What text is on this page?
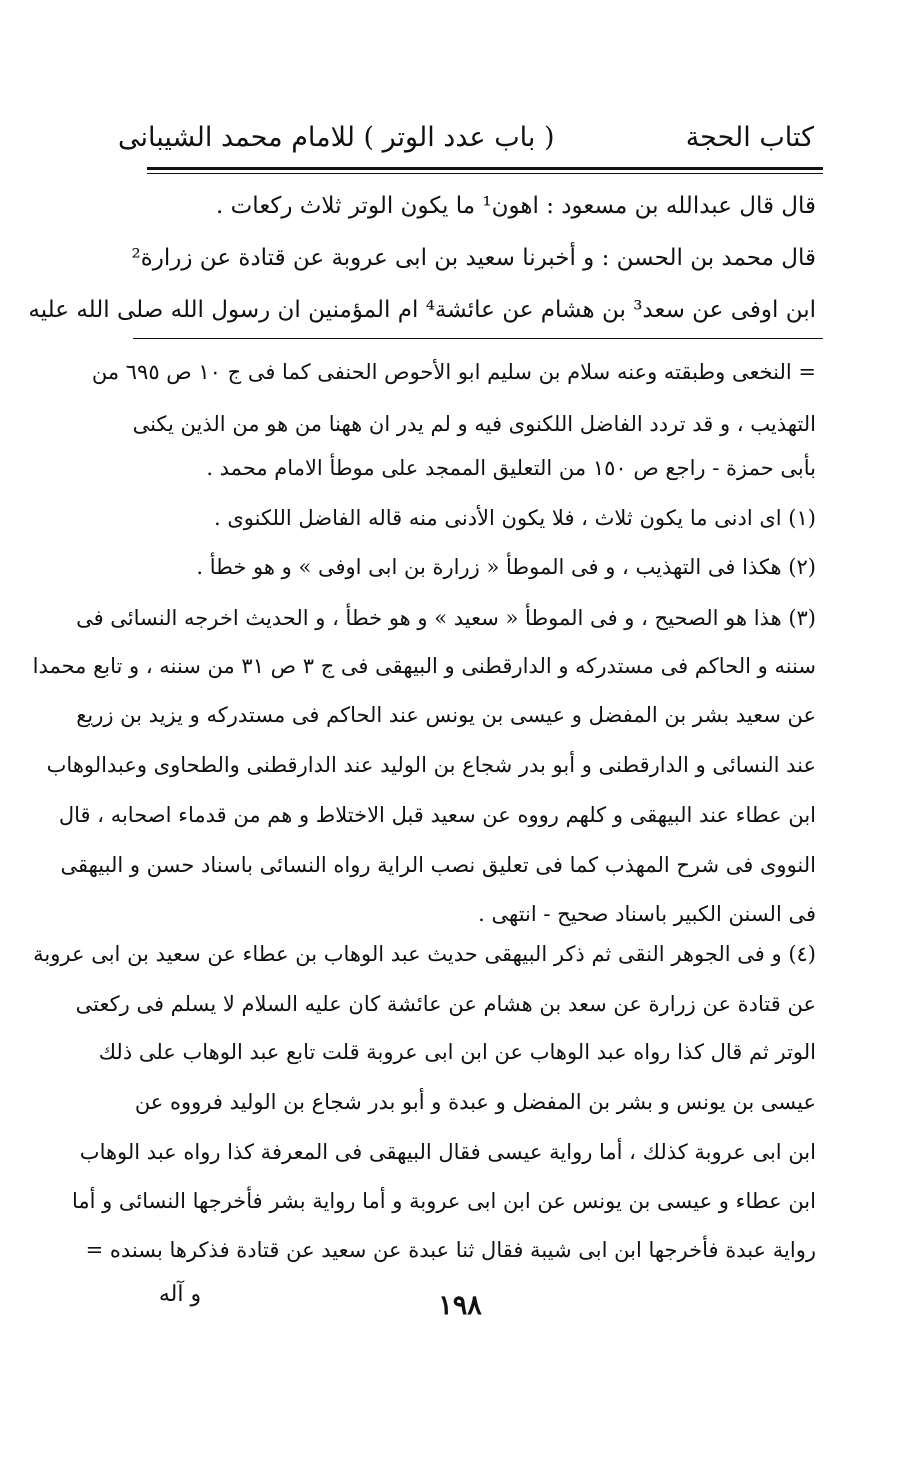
كتاب الحجة
( باب عدد الوتر )
للامام محمد الشيبانى
قال قال عبدالله بن مسعود : اهون¹ ما يكون الوتر ثلاث ركعات .
قال محمد بن الحسن : و أخبرنا سعيد بن ابى عروبة عن قتادة عن زرارة²
ابن اوفى عن سعد³ بن هشام عن عائشة⁴ ام المؤمنين ان رسول الله صلى الله عليه
= النخعى وطبقته وعنه سلام بن سليم ابو الأحوص الحنفى كما فى ج ١٠ ص ٦٩٥ من
التهذيب ، و قد تردد الفاضل اللكنوى فيه و لم يدر ان ههنا من هو من الذين يكنى
بأبى حمزة - راجع ص ١٥٠ من التعليق الممجد على موطأ الامام محمد .
(١) اى ادنى ما يكون ثلاث ، فلا يكون الأدنى منه قاله الفاضل اللكنوى .
(٢) هكذا فى التهذيب ، و فى الموطأ « زرارة بن ابى اوفى » و هو خطأ .
(٣) هذا هو الصحيح ، و فى الموطأ « سعيد » و هو خطأ ، و الحديث اخرجه النسائى فى
سننه و الحاكم فى مستدركه و الدارقطنى و البيهقى فى ج ٣ ص ٣١ من سننه ، و تابع محمدا
عن سعيد بشر بن المفضل و عيسى بن يونس عند الحاكم فى مستدركه و يزيد بن زريع
عند النسائى و الدارقطنى و أبو بدر شجاع بن الوليد عند الدارقطنى والطحاوى وعبدالوهاب
ابن عطاء عند البيهقى و كلهم رووه عن سعيد قبل الاختلاط و هم من قدماء اصحابه ، قال
النووى فى شرح المهذب كما فى تعليق نصب الراية رواه النسائى باسناد حسن و البيهقى
فى السنن الكبير باسناد صحيح - انتهى .
(٤) و فى الجوهر النقى ثم ذكر البيهقى حديث عبد الوهاب بن عطاء عن سعيد بن ابى عروبة
عن قتادة عن زرارة عن سعد بن هشام عن عائشة كان عليه السلام لا يسلم فى ركعتى
الوتر ثم قال كذا رواه عبد الوهاب عن ابن ابى عروبة قلت تابع عبد الوهاب على ذلك
عيسى بن يونس و بشر بن المفضل و عبدة و أبو بدر شجاع بن الوليد فرووه عن
ابن ابى عروبة كذلك ، أما رواية عيسى فقال البيهقى فى المعرفة كذا رواه عبد الوهاب
ابن عطاء و عيسى بن يونس عن ابن ابى عروبة و أما رواية بشر فأخرجها النسائى و أما
رواية عبدة فأخرجها ابن ابى شيبة فقال ثنا عبدة عن سعيد عن قتادة فذكرها بسنده =
١٩٨
و آله
